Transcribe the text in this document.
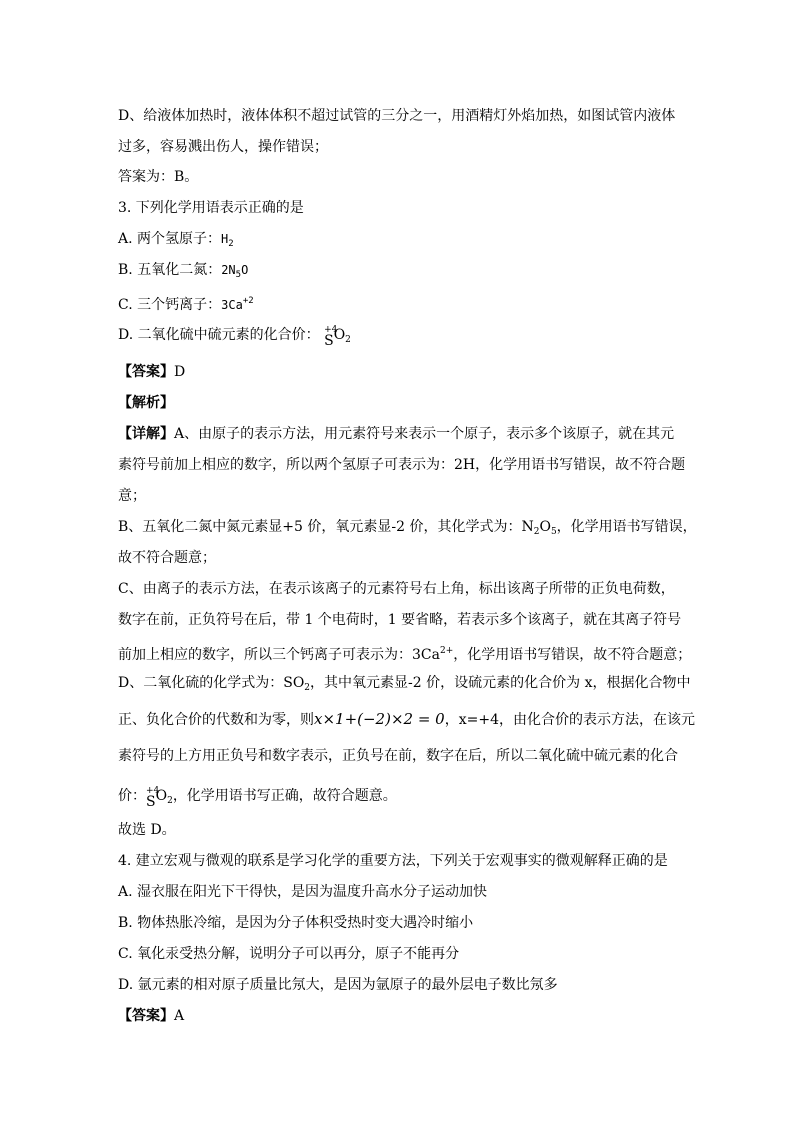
D、给液体加热时，液体体积不超过试管的三分之一，用酒精灯外焰加热，如图试管内液体
过多，容易溅出伤人，操作错误；
答案为：B。
3. 下列化学用语表示正确的是
A. 两个氢原子：$H_2$
B. 五氧化二氮：$2N_5O$
C. 三个钙离子：$3Ca^{+2}$
D. 二氧化硫中硫元素的化合价： +4
$SO_2$
【答案】D
【解析】
【详解】A、由原子的表示方法，用元素符号来表示一个原子，表示多个该原子，就在其元
素符号前加上相应的数字，所以两个氢原子可表示为：2H，化学用语书写错误，故不符合题
意；
B、五氧化二氮中氮元素显+5 价，氧元素显-2 价，其化学式为：$N_2O_5$，化学用语书写错误，
故不符合题意；
C、由离子的表示方法，在表示该离子的元素符号右上角，标出该离子所带的正负电荷数，
数字在前，正负符号在后，带 1 个电荷时，1 要省略，若表示多个该离子，就在其离子符号
前加上相应的数字，所以三个钙离子可表示为：$3Ca^{2+}$，化学用语书写错误，故不符合题意；
D、二氧化硫的化学式为：$SO_2$，其中氧元素显-2 价，设硫元素的化合价为 x，根据化合物中
正、负化合价的代数和为零，则x×1+(−2)×2 = 0，x=+4，由化合价的表示方法，在该元
素符号的上方用正负号和数字表示，正负号在前，数字在后，所以二氧化硫中硫元素的化合
价： +4
$SO_2$，化学用语书写正确，故符合题意。
故选 D。
4. 建立宏观与微观的联系是学习化学的重要方法，下列关于宏观事实的微观解释正确的是
A. 湿衣服在阳光下干得快，是因为温度升高水分子运动加快
B. 物体热胀冷缩，是因为分子体积受热时变大遇冷时缩小
C. 氧化汞受热分解，说明分子可以再分，原子不能再分
D. 氩元素的相对原子质量比氖大，是因为氩原子的最外层电子数比氖多
【答案】A
